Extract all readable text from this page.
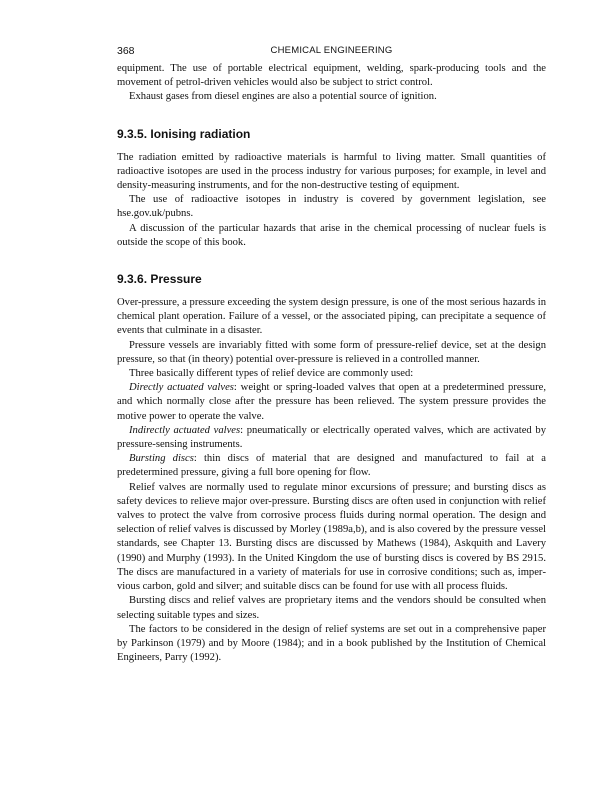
368	CHEMICAL ENGINEERING

equipment. The use of portable electrical equipment, welding, spark-producing tools and the movement of petrol-driven vehicles would also be subject to strict control.

Exhaust gases from diesel engines are also a potential source of ignition.

9.3.5. Ionising radiation

The radiation emitted by radioactive materials is harmful to living matter. Small quantities of radioactive isotopes are used in the process industry for various purposes; for example, in level and density-measuring instruments, and for the non-destructive testing of equipment.

The use of radioactive isotopes in industry is covered by government legislation, see hse.gov.uk/pubns.

A discussion of the particular hazards that arise in the chemical processing of nuclear fuels is outside the scope of this book.

9.3.6. Pressure

Over-pressure, a pressure exceeding the system design pressure, is one of the most serious hazards in chemical plant operation. Failure of a vessel, or the associated piping, can precipitate a sequence of events that culminate in a disaster.

Pressure vessels are invariably fitted with some form of pressure-relief device, set at the design pressure, so that (in theory) potential over-pressure is relieved in a controlled manner.

Three basically different types of relief device are commonly used:

Directly actuated valves: weight or spring-loaded valves that open at a predetermined pressure, and which normally close after the pressure has been relieved. The system pressure provides the motive power to operate the valve.

Indirectly actuated valves: pneumatically or electrically operated valves, which are activated by pressure-sensing instruments.

Bursting discs: thin discs of material that are designed and manufactured to fail at a predetermined pressure, giving a full bore opening for flow.

Relief valves are normally used to regulate minor excursions of pressure; and bursting discs as safety devices to relieve major over-pressure. Bursting discs are often used in conjunction with relief valves to protect the valve from corrosive process fluids during normal operation. The design and selection of relief valves is discussed by Morley (1989a,b), and is also covered by the pressure vessel standards, see Chapter 13. Bursting discs are discussed by Mathews (1984), Askquith and Lavery (1990) and Murphy (1993). In the United Kingdom the use of bursting discs is covered by BS 2915. The discs are manufactured in a variety of materials for use in corrosive conditions; such as, impervious carbon, gold and silver; and suitable discs can be found for use with all process fluids.

Bursting discs and relief valves are proprietary items and the vendors should be consulted when selecting suitable types and sizes.

The factors to be considered in the design of relief systems are set out in a comprehensive paper by Parkinson (1979) and by Moore (1984); and in a book published by the Institution of Chemical Engineers, Parry (1992).
